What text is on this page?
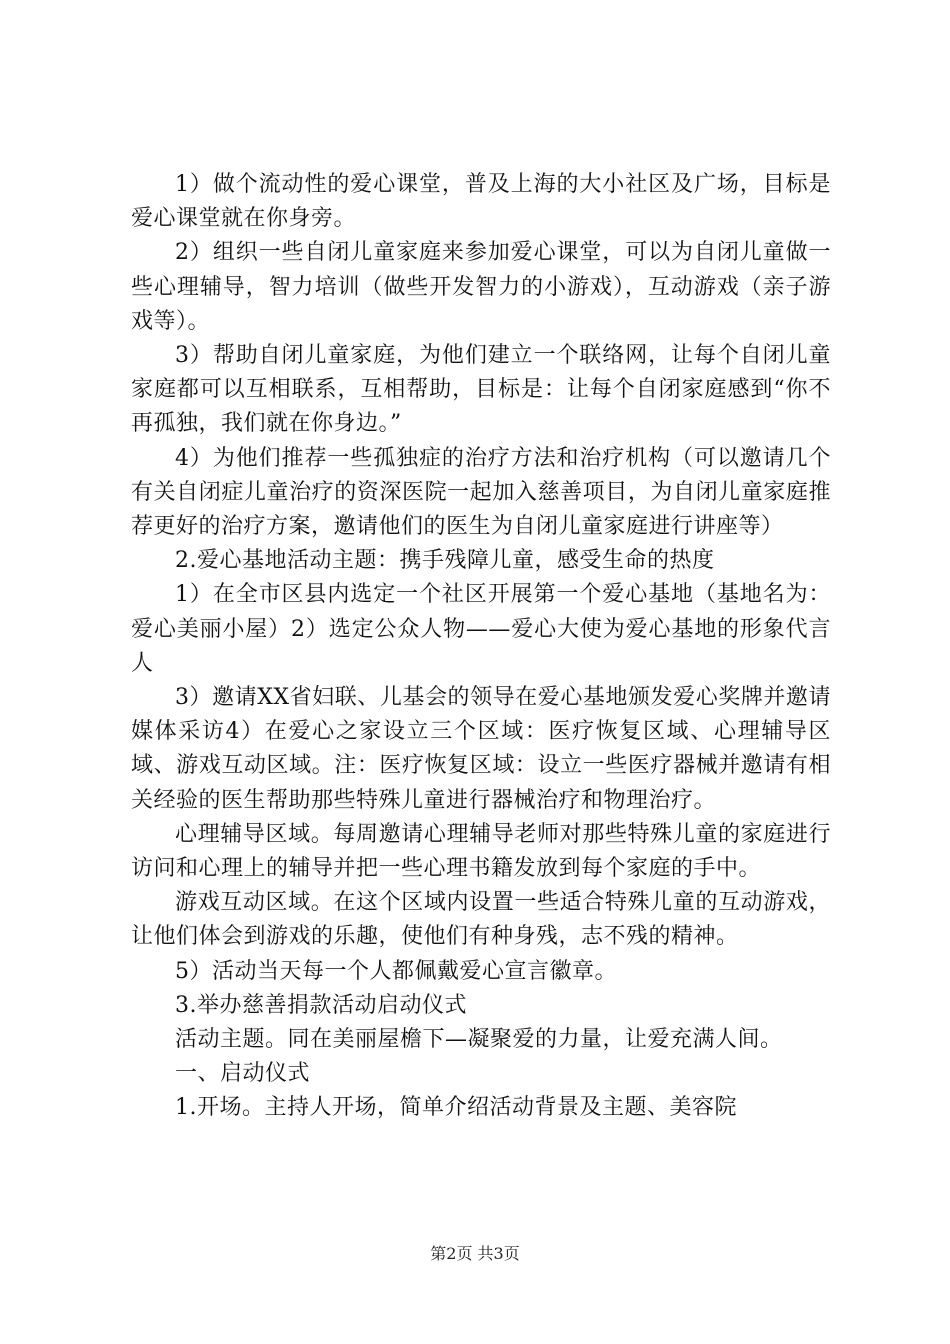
1）做个流动性的爱心课堂，普及上海的大小社区及广场，目标是爱心课堂就在你身旁。

2）组织一些自闭儿童家庭来参加爱心课堂，可以为自闭儿童做一些心理辅导，智力培训（做些开发智力的小游戏），互动游戏（亲子游戏等）。

3）帮助自闭儿童家庭，为他们建立一个联络网，让每个自闭儿童家庭都可以互相联系，互相帮助，目标是：让每个自闭家庭感到“你不再孤独，我们就在你身边。”

4）为他们推荐一些孤独症的治疗方法和治疗机构（可以邀请几个有关自闭症儿童治疗的资深医院一起加入慈善项目，为自闭儿童家庭推荐更好的治疗方案，邀请他们的医生为自闭儿童家庭进行讲座等）

2.爱心基地活动主题：携手残障儿童，感受生命的热度

1）在全市区县内选定一个社区开展第一个爱心基地（基地名为：爱心美丽小屋）2）选定公众人物——爱心大使为爱心基地的形象代言人

3）邀请XX省妇联、儿基会的领导在爱心基地颁发爱心奖牌并邀请媒体采访4）在爱心之家设立三个区域：医疗恢复区域、心理辅导区域、游戏互动区域。注：医疗恢复区域：设立一些医疗器械并邀请有相关经验的医生帮助那些特殊儿童进行器械治疗和物理治疗。

心理辅导区域。每周邀请心理辅导老师对那些特殊儿童的家庭进行访问和心理上的辅导并把一些心理书籍发放到每个家庭的手中。

游戏互动区域。在这个区域内设置一些适合特殊儿童的互动游戏，让他们体会到游戏的乐趣，使他们有种身残，志不残的精神。

5）活动当天每一个人都佩戴爱心宣言徽章。

3.举办慈善捐款活动启动仪式

活动主题。同在美丽屋檐下—凝聚爱的力量，让爱充满人间。

一、启动仪式

1.开场。主持人开场，简单介绍活动背景及主题、美容院

第2页 共3页
